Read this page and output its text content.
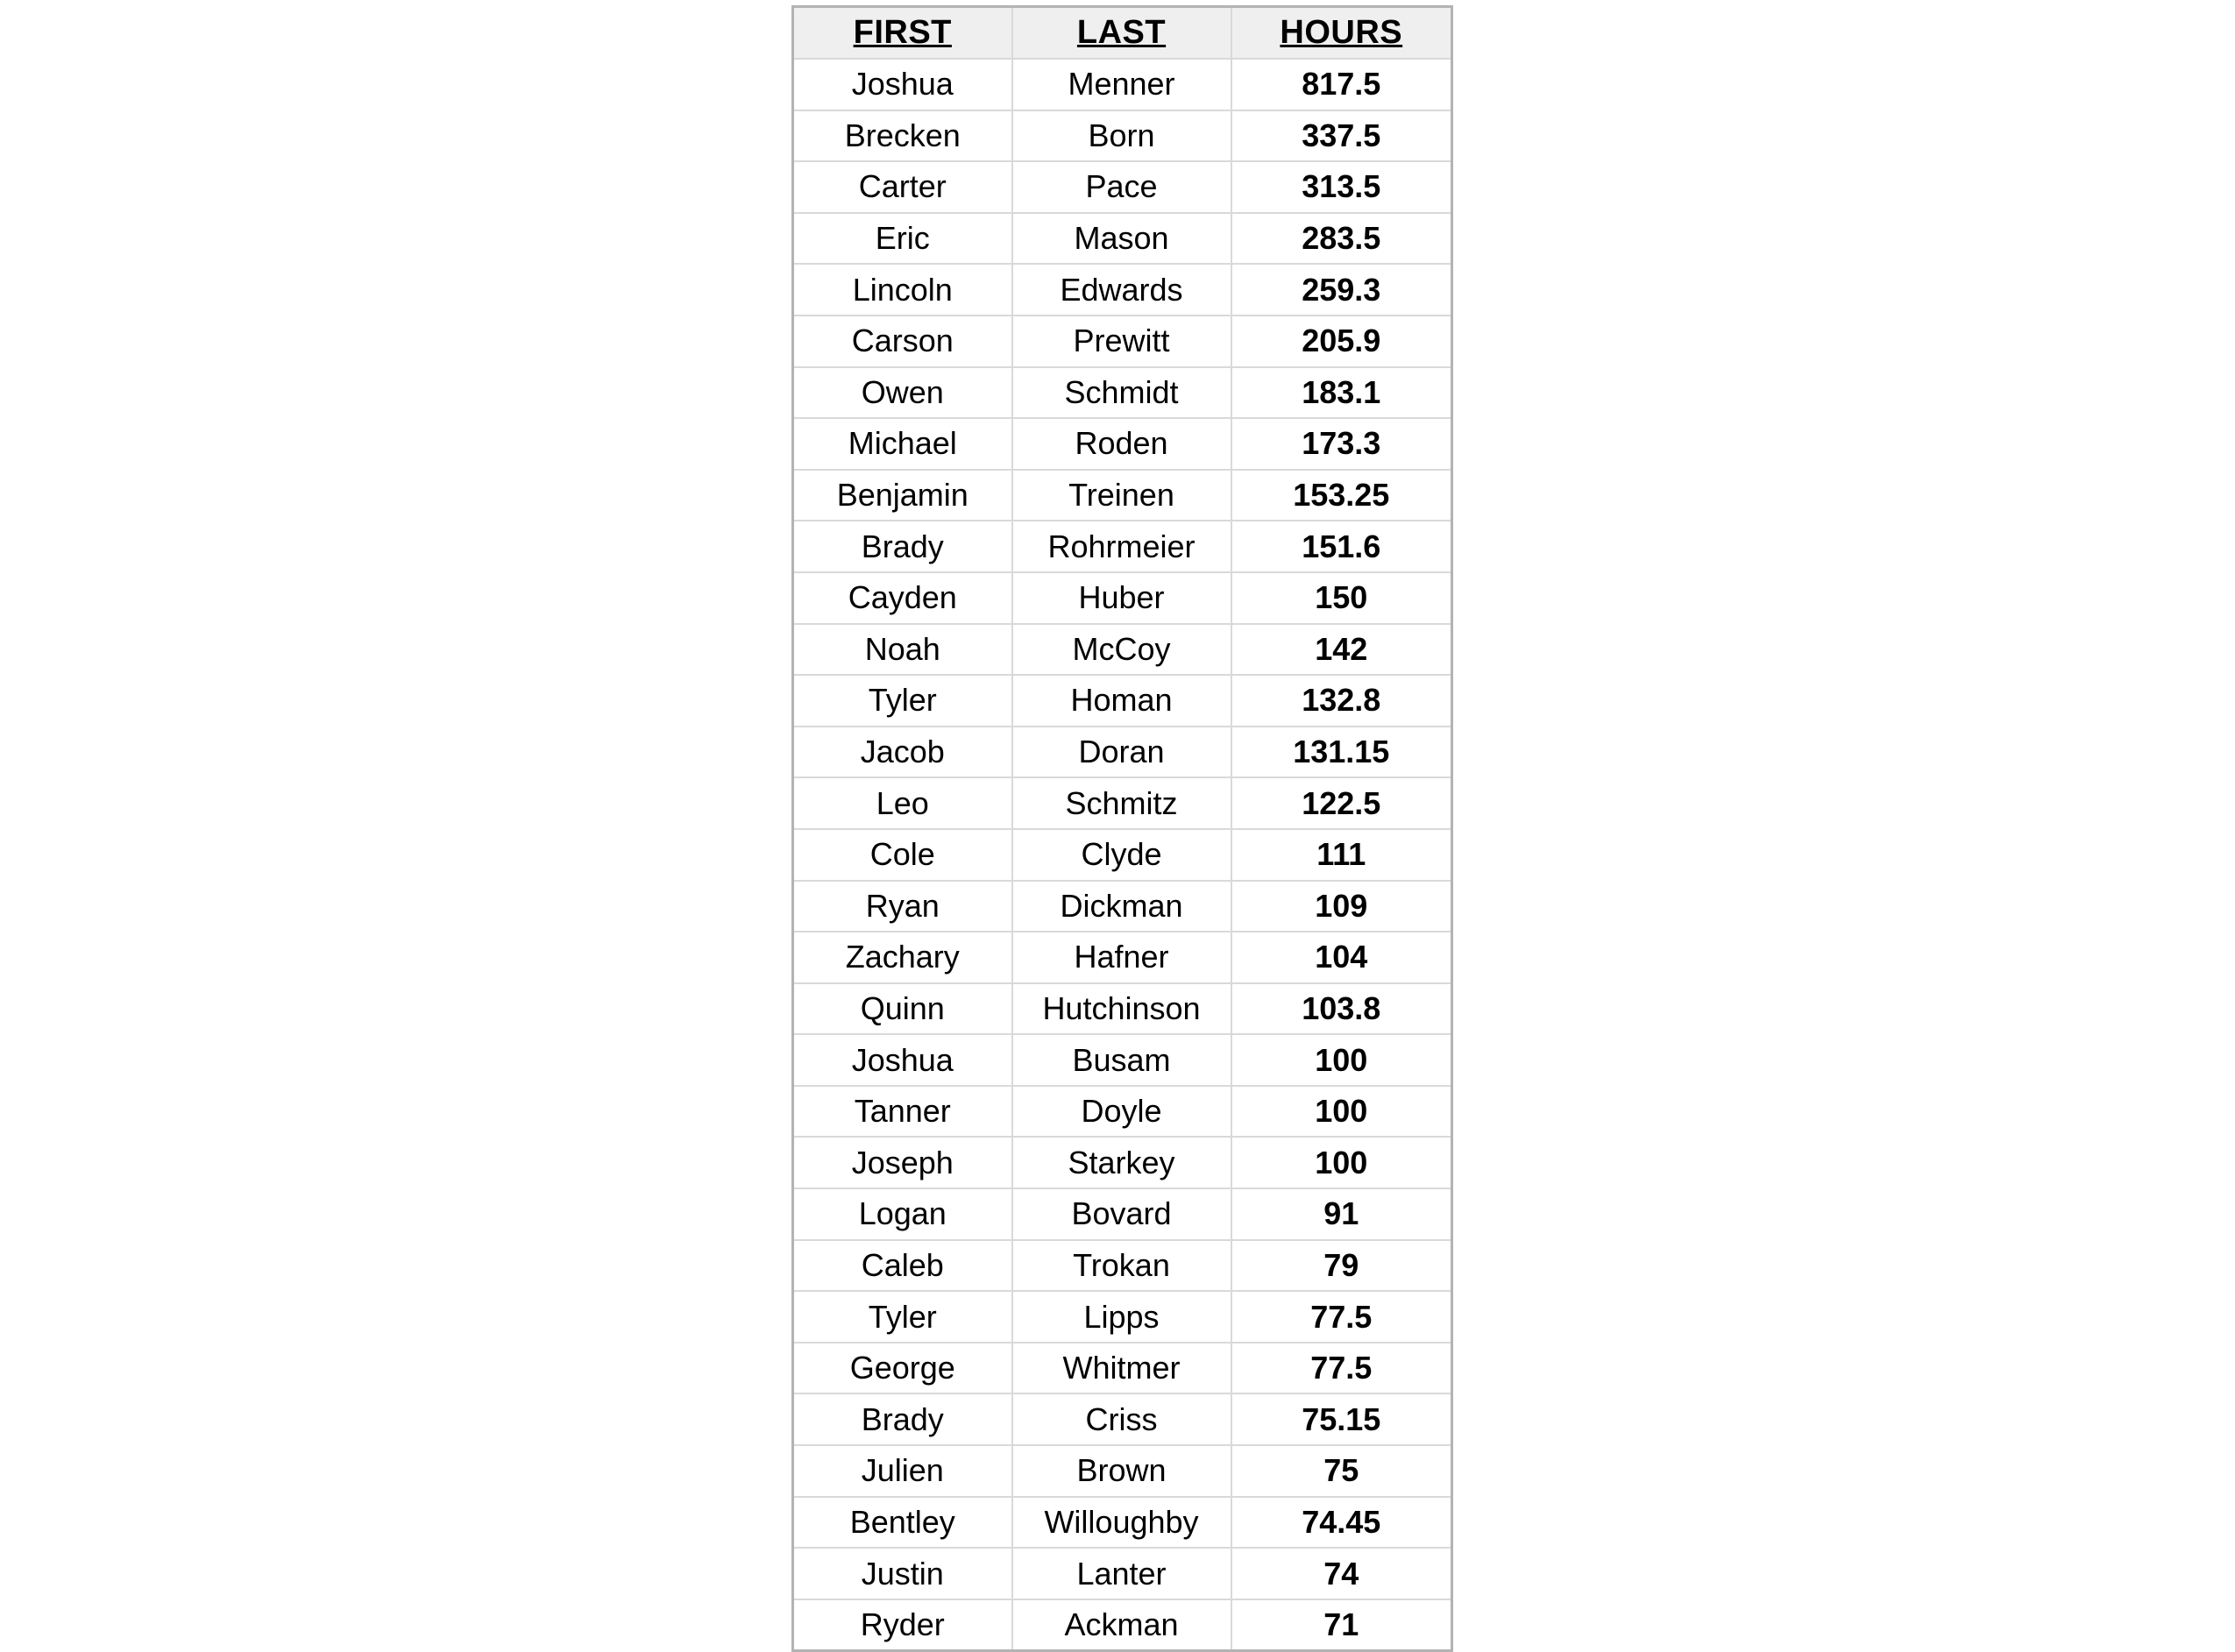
FIRST	LAST	HOURS
Joshua	Menner	817.5
Brecken	Born	337.5
Carter	Pace	313.5
Eric	Mason	283.5
Lincoln	Edwards	259.3
Carson	Prewitt	205.9
Owen	Schmidt	183.1
Michael	Roden	173.3
Benjamin	Treinen	153.25
Brady	Rohrmeier	151.6
Cayden	Huber	150
Noah	McCoy	142
Tyler	Homan	132.8
Jacob	Doran	131.15
Leo	Schmitz	122.5
Cole	Clyde	111
Ryan	Dickman	109
Zachary	Hafner	104
Quinn	Hutchinson	103.8
Joshua	Busam	100
Tanner	Doyle	100
Joseph	Starkey	100
Logan	Bovard	91
Caleb	Trokan	79
Tyler	Lipps	77.5
George	Whitmer	77.5
Brady	Criss	75.15
Julien	Brown	75
Bentley	Willoughby	74.45
Justin	Lanter	74
Ryder	Ackman	71
